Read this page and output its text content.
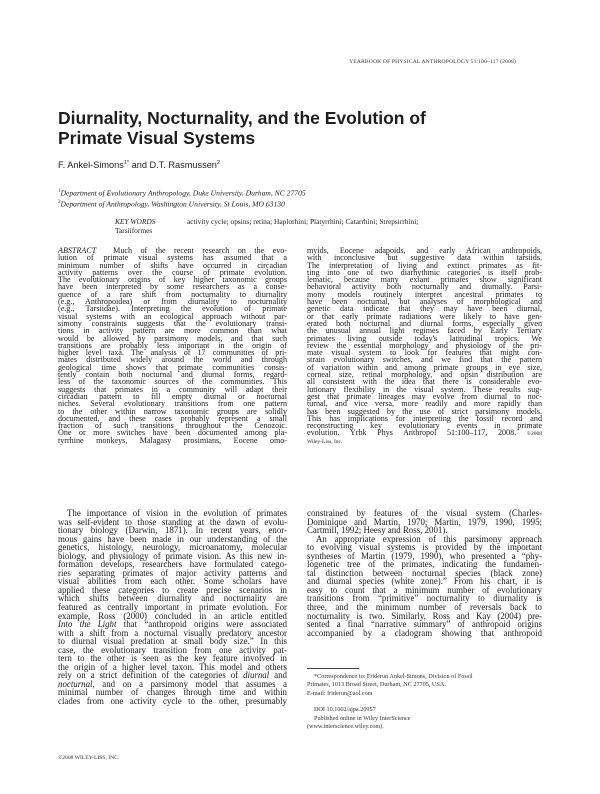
YEARBOOK OF PHYSICAL ANTHROPOLOGY 51:100–117 (2008)
Diurnality, Nocturnality, and the Evolution of
Primate Visual Systems
F. Ankel-Simons$^{1*}$ and D.T. Rasmussen$^2$
$^1$Department of Evolutionary Anthropology, Duke University, Durham, NC 27705
$^2$Department of Anthropology, Washington University, St Louis, MO 63130
KEY WORDS	activity cycle; opsins; retina; Haplorhini; Platyrrhini; Catarrhini; Strepsirrhini;
Tarsiiformes
ABSTRACT  Much of the recent research on the evo-
lution of primate visual systems has assumed that a
minimum number of shifts have occurred in circadian
activity patterns over the course of primate evolution.
The evolutionary origins of key higher taxonomic groups
have been interpreted by some researchers as a conse-
quence of a rare shift from nocturnality to diurnality
(e.g., Anthropoidea) or from diurnality to nocturnality
(e.g., Tarsiidae). Interpreting the evolution of primate
visual systems with an ecological approach without par-
simony constraints suggests that the evolutionary transi-
tions in activity pattern are more common than what
would be allowed by parsimony models, and that such
transitions are probably less important in the origin of
higher level taxa. The analysis of 17 communities of pri-
mates distributed widely around the world and through
geological time shows that primate communities consis-
tently contain both nocturnal and diurnal forms, regard-
less of the taxonomic sources of the communities. This
suggests that primates in a community will adapt their
circadian pattern to fill empty diurnal or nocturnal
niches. Several evolutionary transitions from one pattern
to the other within narrow taxonomic groups are solidly
documented, and these cases probably represent a small
fraction of such transitions throughout the Cenozoic.
One or more switches have been documented among pla-
tyrrhine monkeys, Malagasy prosimians, Eocene omo-
myids, Eocene adapoids, and early African anthropoids,
with inconclusive but suggestive data within tarsiids.
The interpretation of living and extinct primates as fit-
ting into one of two diarhythmic categories is itself prob-
lematic, because many extant primates show significant
behavioral activity both nocturnally and diurnally. Parsi-
mony models routinely interpret ancestral primates to
have been nocturnal, but analyses of morphological and
genetic data indicate that they may have been diurnal,
or that early primate radiations were likely to have gen-
erated both nocturnal and diurnal forms, especially given
the unusual annual light regimes faced by Early Tertiary
primates living outside today's latitudinal tropics. We
review the essential morphology and physiology of the pri-
mate visual system to look for features that might con-
strain evolutionary switches, and we find that the pattern
of variation within and among primate groups in eye size,
corneal size, retinal morphology, and opsin distribution are
all consistent with the idea that there is considerable evo-
lutionary flexibility in the visual system. These results sug-
gest that primate lineages may evolve from diurnal to noc-
turnal, and vice versa, more readily and more rapidly than
has been suggested by the use of strict parsimony models.
This has implications for interpreting the fossil record and
reconstructing key evolutionary events in primate
evolution. Yrbk Phys Anthropol 51:100–117, 2008. ©2008
Wiley-Liss, Inc.
The importance of vision in the evolution of primates
was self-evident to those standing at the dawn of evolu-
tionary biology (Darwin, 1871). In recent years, enor-
mous gains have been made in our understanding of the
genetics, histology, neurology, microanatomy, molecular
biology, and physiology of primate vision. As this new in-
formation develops, researchers have formulated catego-
ries separating primates of major activity patterns and
visual abilities from each other. Some scholars have
applied these categories to create precise scenarios in
which shifts between diurnality and nocturnality are
featured as centrally important in primate evolution. For
example, Ross (2000) concluded in an article entitled
Into the Light that “anthropoid origins were associated
with a shift from a nocturnal visually predatory ancestor
to diurnal visual predation at small body size.” In this
case, the evolutionary transition from one activity pat-
tern to the other is seen as the key feature involved in
the origin of a higher level taxon. This model and others
rely on a strict definition of the categories of diurnal and
nocturnal, and on a parsimony model that assumes a
minimal number of changes through time and within
clades from one activity cycle to the other, presumably
constrained by features of the visual system (Charles-
Dominique and Martin, 1970; Martin, 1979, 1990, 1995;
Cartmill, 1992; Heesy and Ross, 2001).
An appropriate expression of this parsimony approach
to evolving visual systems is provided by the important
syntheses of Martin (1979, 1990), who presented a “phy-
logenetic tree of the primates, indicating the fundamen-
tal distinction between nocturnal species (black zone)
and diurnal species (white zone).” From his chart, it is
easy to count that a minimum number of evolutionary
transitions from “primitive” nocturnality to diurnality is
three, and the minimum number of reversals back to
nocturnality is two. Similarly, Ross and Kay (2004) pre-
sented a final “narrative summary” of anthropoid origins
accompanied by a cladogram showing that anthropoid
*Correspondence to: Friderun Ankel-Simons, Division of Fossil
Primates, 1013 Broad Street, Durham, NC 27705, USA.
E-mail: friderun@aol.com
DOI 10.1002/ajpa.20957
Published online in Wiley InterScience
(www.interscience.wiley.com).
©2008 WILEY-LISS, INC.
